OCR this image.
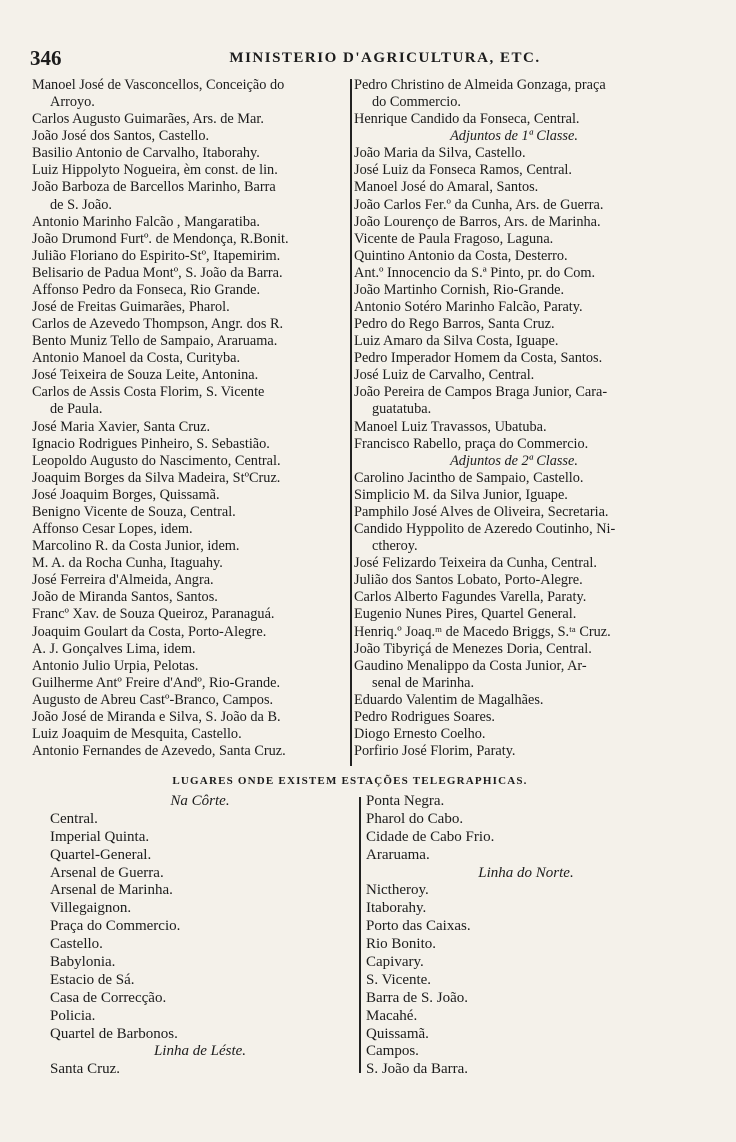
346	MINISTERIO D'AGRICULTURA, ETC.
Manoel José de Vasconcellos, Conceição do
Arroyo.
Carlos Augusto Guimarães, Ars. de Mar.
João José dos Santos, Castello.
Basilio Antonio de Carvalho, Itaborahy.
Luiz Hippolyto Nogueira, èm const. de lin.
João Barboza de Barcellos Marinho, Barra
de S. João.
Antonio Marinho Falcão , Mangaratiba.
João Drumond Furtº. de Mendonça, R.Bonit.
Julião Floriano do Espirito-Stº, Itapemirim.
Belisario de Padua Montº, S. João da Barra.
Affonso Pedro da Fonseca, Rio Grande.
José de Freitas Guimarães, Pharol.
Carlos de Azevedo Thompson, Angr. dos R.
Bento Muniz Tello de Sampaio, Araruama.
Antonio Manoel da Costa, Curityba.
José Teixeira de Souza Leite, Antonina.
Carlos de Assis Costa Florim, S. Vicente
de Paula.
José Maria Xavier, Santa Cruz.
Ignacio Rodrigues Pinheiro, S. Sebastião.
Leopoldo Augusto do Nascimento, Central.
Joaquim Borges da Silva Madeira, StºCruz.
José Joaquim Borges, Quissamã.
Benigno Vicente de Souza, Central.
Affonso Cesar Lopes, idem.
Marcolino R. da Costa Junior, idem.
M. A. da Rocha Cunha, Itaguahy.
José Ferreira d'Almeida, Angra.
João de Miranda Santos, Santos.
Francº Xav. de Souza Queiroz, Paranaguá.
Joaquim Goulart da Costa, Porto-Alegre.
A. J. Gonçalves Lima, idem.
Antonio Julio Urpia, Pelotas.
Guilherme Antº Freire d'Andº, Rio-Grande.
Augusto de Abreu Castº-Branco, Campos.
João José de Miranda e Silva, S. João da B.
Luiz Joaquim de Mesquita, Castello.
Antonio Fernandes de Azevedo, Santa Cruz.
Pedro Christino de Almeida Gonzaga, praça
do Commercio.
Henrique Candido da Fonseca, Central.
Adjuntos de 1ª Classe.
João Maria da Silva, Castello.
José Luiz da Fonseca Ramos, Central.
Manoel José do Amaral, Santos.
João Carlos Fer.º da Cunha, Ars. de Guerra.
João Lourenço de Barros, Ars. de Marinha.
Vicente de Paula Fragoso, Laguna.
Quintino Antonio da Costa, Desterro.
Ant.º Innocencio da S.ª Pinto, pr. do Com.
João Martinho Cornish, Rio-Grande.
Antonio Sotéro Marinho Falcão, Paraty.
Pedro do Rego Barros, Santa Cruz.
Luiz Amaro da Silva Costa, Iguape.
Pedro Imperador Homem da Costa, Santos.
José Luiz de Carvalho, Central.
João Pereira de Campos Braga Junior, Cara-
guatatuba.
Manoel Luiz Travassos, Ubatuba.
Francisco Rabello, praça do Commercio.
Adjuntos de 2ª Classe.
Carolino Jacintho de Sampaio, Castello.
Simplicio M. da Silva Junior, Iguape.
Pamphilo José Alves de Oliveira, Secretaria.
Candido Hyppolito de Azeredo Coutinho, Ni-
ctheroy.
José Felizardo Teixeira da Cunha, Central.
Julião dos Santos Lobato, Porto-Alegre.
Carlos Alberto Fagundes Varella, Paraty.
Eugenio Nunes Pires, Quartel General.
Henriq.º Joaq.ᵐ de Macedo Briggs, S.ᵗᵃ Cruz.
João Tibyriçá de Menezes Doria, Central.
Gaudino Menalippo da Costa Junior, Ar-
senal de Marinha.
Eduardo Valentim de Magalhães.
Pedro Rodrigues Soares.
Diogo Ernesto Coelho.
Porfirio José Florim, Paraty.
LUGARES ONDE EXISTEM ESTAÇÕES TELEGRAPHICAS.
Na Côrte.
Central.
Imperial Quinta.
Quartel-General.
Arsenal de Guerra.
Arsenal de Marinha.
Villegaignon.
Praça do Commercio.
Castello.
Babylonia.
Estacio de Sá.
Casa de Correcção.
Policia.
Quartel de Barbonos.
Linha de Léste.
Santa Cruz.
Ponta Negra.
Pharol do Cabo.
Cidade de Cabo Frio.
Araruama.
Linha do Norte.
Nictheroy.
Itaborahy.
Porto das Caixas.
Rio Bonito.
Capivary.
S. Vicente.
Barra de S. João.
Macahé.
Quissamã.
Campos.
S. João da Barra.
